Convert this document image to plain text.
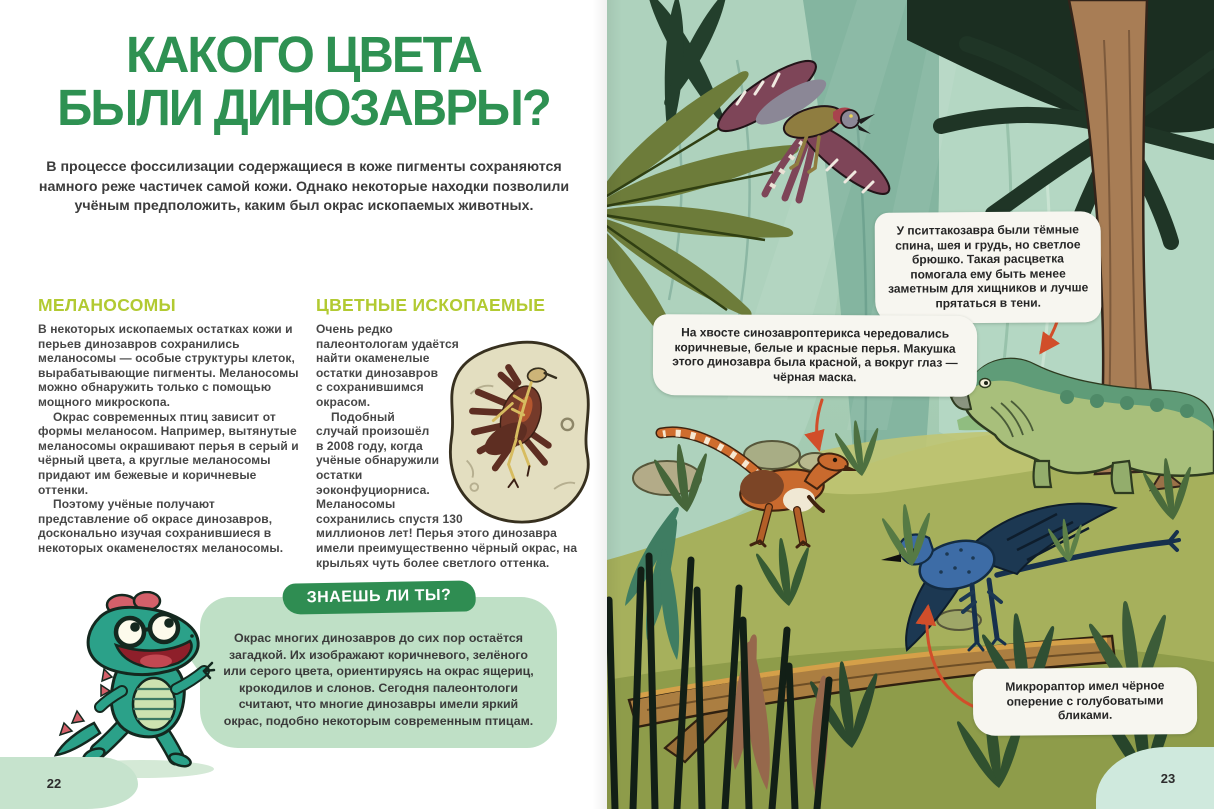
КАКОГО ЦВЕТА
БЫЛИ ДИНОЗАВРЫ?

В процессе фоссилизации содержащиеся в коже пигменты сохраняются намного реже частичек самой кожи. Однако некоторые находки позволили учёным предположить, каким был окрас ископаемых животных.

МЕЛАНОСОМЫ

В некоторых ископаемых остатках кожи и перьев динозавров сохранились меланосомы — особые структуры клеток, вырабатывающие пигменты. Меланосомы можно обнаружить только с помощью мощного микроскопа.

Окрас современных птиц зависит от формы меланосом. Например, вытянутые меланосомы окрашивают перья в серый и чёрный цвета, а круглые меланосомы придают им бежевые и коричневые оттенки.

Поэтому учёные получают представление об окрасе динозавров, досконально изучая сохранившиеся в некоторых окаменелостях меланосомы.

ЦВЕТНЫЕ ИСКОПАЕМЫЕ

Очень редко палеонтологам удаётся найти окаменелые остатки динозавров с сохранившимся окрасом.

Подобный случай произошёл в 2008 году, когда учёные обнаружили остатки эоконфуциорниса. Меланосомы сохранились спустя 130 миллионов лет! Перья этого динозавра имели преимущественно чёрный окрас, на крыльях чуть более светлого оттенка.

ЗНАЕШЬ ЛИ ТЫ?

Окрас многих динозавров до сих пор остаётся загадкой. Их изображают коричневого, зелёного или серого цвета, ориентируясь на окрас ящериц, крокодилов и слонов. Сегодня палеонтологи считают, что многие динозавры имели яркий окрас, подобно некоторым современным птицам.

22

У пситтакозавра были тёмные спина, шея и грудь, но светлое брюшко. Такая расцветка помогала ему быть менее заметным для хищников и лучше прятаться в тени.

На хвосте синозавроптерикса чередовались коричневые, белые и красные перья. Макушка этого динозавра была красной, а вокруг глаз — чёрная маска.

Микрораптор имел чёрное оперение с голубоватыми бликами.

23
